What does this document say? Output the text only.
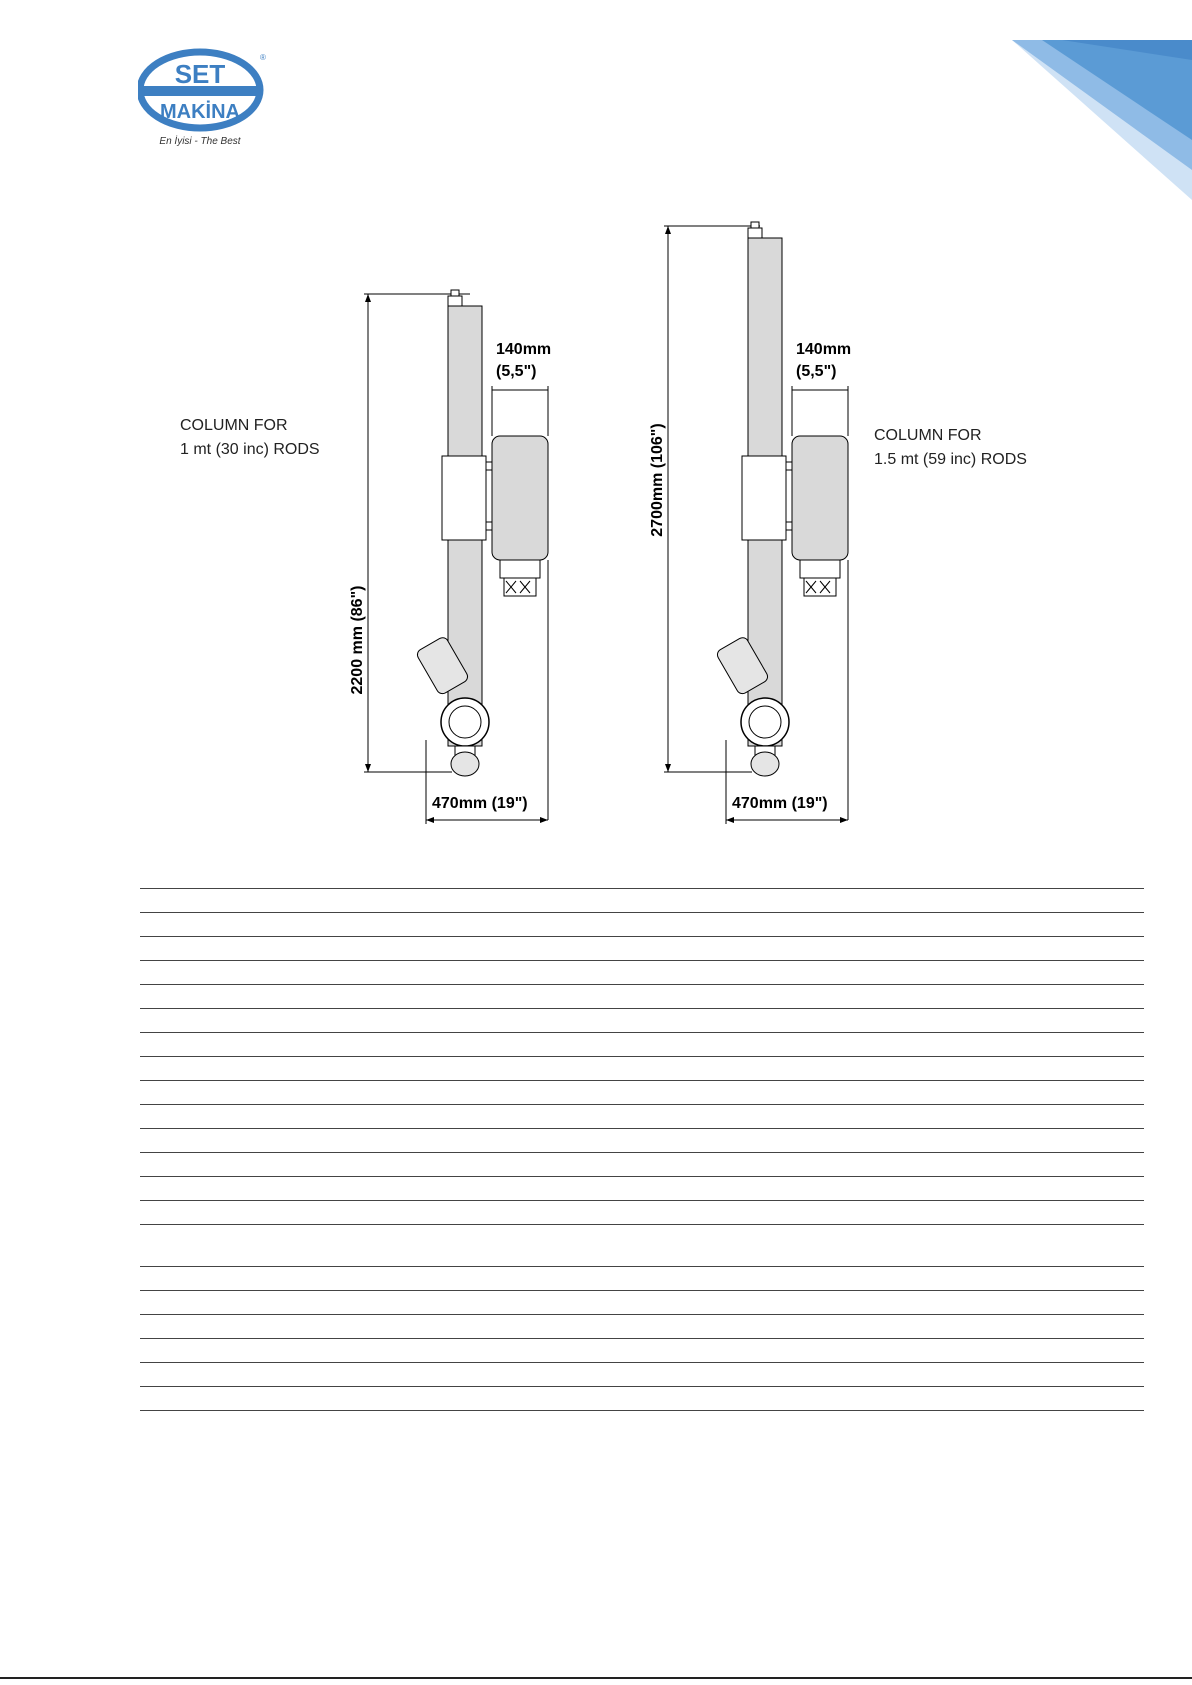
SET
MAKİNA
®
En İyisi - The Best
COLUMN FOR
1 mt (30 inc) RODS
140mm
(5,5")
470mm (19")
2200 mm (86")
COLUMN FOR
1.5 mt (59 inc) RODS
140mm
(5,5")
470mm (19")
2700mm (106")
